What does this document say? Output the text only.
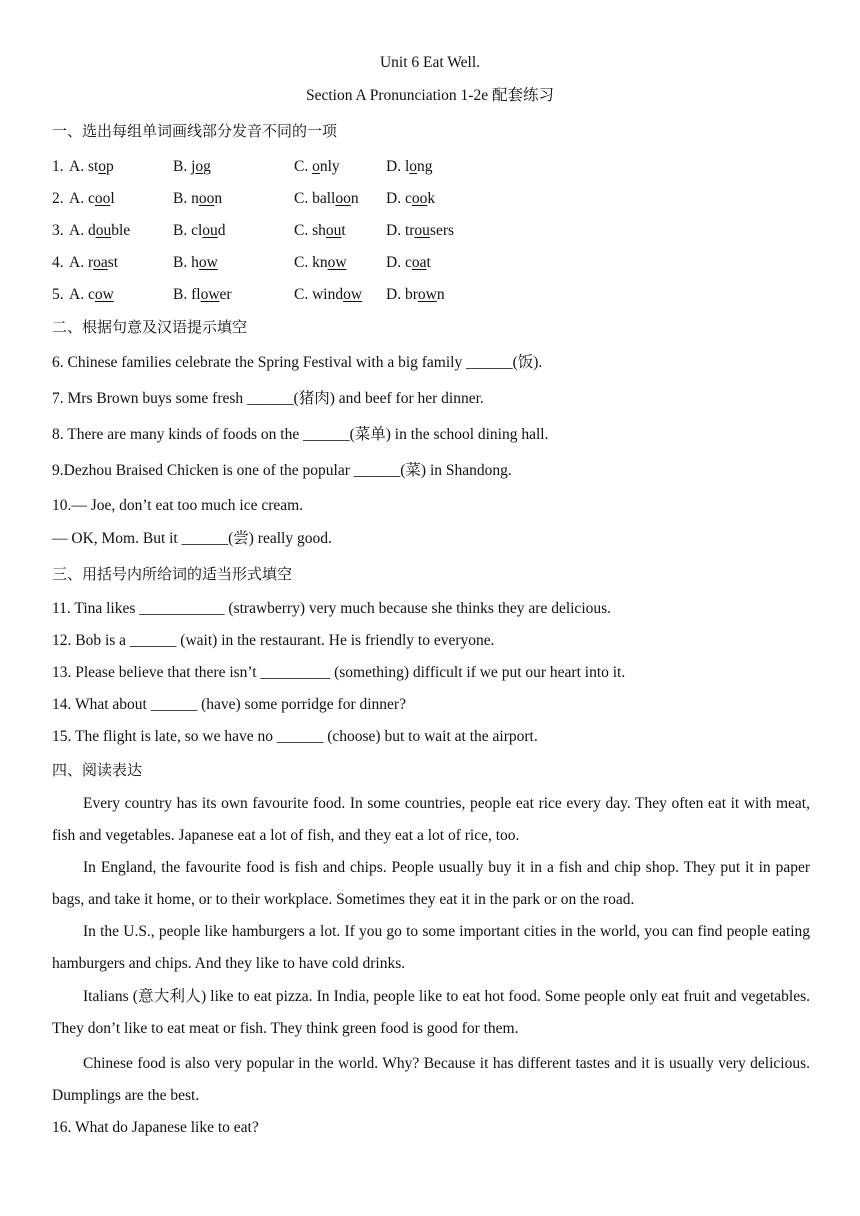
Unit 6 Eat Well.
Section A Pronunciation 1-2e 配套练习
一、选出每组单词画线部分发音不同的一项
1. A. stop	B. jog	C. only	D. long
2. A. cool	B. noon	C. balloon D. cook
3. A. double	B. cloud	C. shout	D. trousers
4. A. roast	B. how	C. know	D. coat
5. A. cow	B. flower	C. window D. brown
二、根据句意及汉语提示填空
6. Chinese families celebrate the Spring Festival with a big family ______(饭).
7. Mrs Brown buys some fresh ______(猪肉) and beef for her dinner.
8. There are many kinds of foods on the ______(菜单) in the school dining hall.
9.Dezhou Braised Chicken is one of the popular ______(菜) in Shandong.
10.— Joe, don’t eat too much ice cream.
— OK, Mom. But it ______(尝) really good.
三、用括号内所给词的适当形式填空
11. Tina likes ___________ (strawberry) very much because she thinks they are delicious.
12. Bob is a ______ (wait) in the restaurant. He is friendly to everyone.
13. Please believe that there isn’t _________ (something) difficult if we put our heart into it.
14. What about ______ (have) some porridge for dinner?
15. The flight is late, so we have no ______ (choose) but to wait at the airport.
四、阅读表达
Every country has its own favourite food. In some countries, people eat rice every day. They often eat it with meat, fish and vegetables. Japanese eat a lot of fish, and they eat a lot of rice, too.
In England, the favourite food is fish and chips. People usually buy it in a fish and chip shop. They put it in paper bags, and take it home, or to their workplace. Sometimes they eat it in the park or on the road.
In the U.S., people like hamburgers a lot. If you go to some important cities in the world, you can find people eating hamburgers and chips. And they like to have cold drinks.
Italians (意大利人) like to eat pizza. In India, people like to eat hot food. Some people only eat fruit and vegetables. They don’t like to eat meat or fish. They think green food is good for them.
Chinese food is also very popular in the world. Why? Because it has different tastes and it is usually very delicious. Dumplings are the best.
16. What do Japanese like to eat?
